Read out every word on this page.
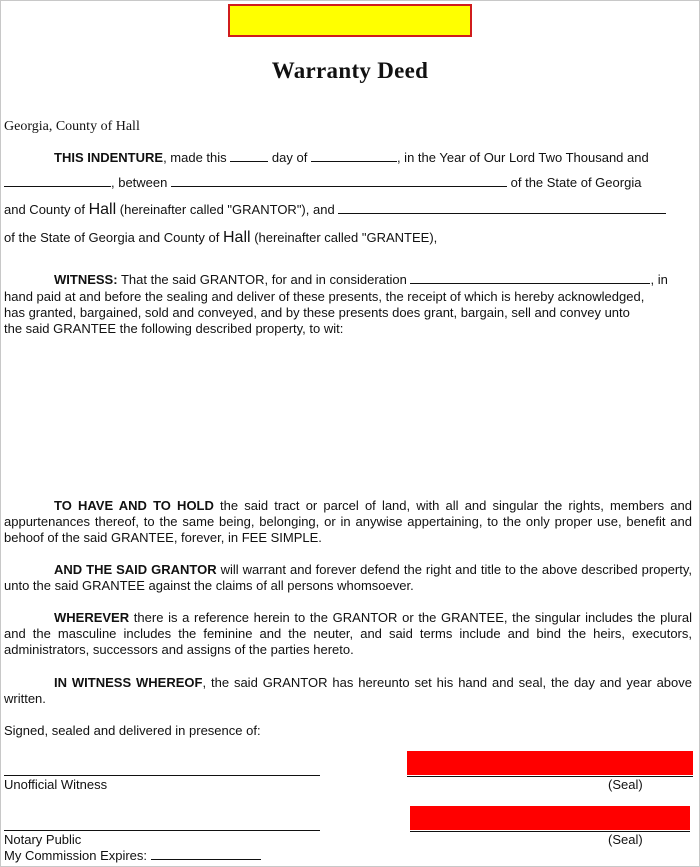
Warranty Deed
Georgia, County of Hall
THIS INDENTURE, made this	day of	, in the Year of Our Lord Two Thousand and
, between	of the State of Georgia
and County of Hall (hereinafter called "GRANTOR"), and
of the State of Georgia and County of Hall (hereinafter called "GRANTEE),
WITNESS: That the said GRANTOR, for and in consideration	, in
hand paid at and before the sealing and deliver of these presents, the receipt of which is hereby acknowledged,
has granted, bargained, sold and conveyed, and by these presents does grant, bargain, sell and convey unto
the said GRANTEE the following described property, to wit:
TO HAVE AND TO HOLD the said tract or parcel of land, with all and singular the rights, members and appurtenances thereof, to the same being, belonging, or in anywise appertaining, to the only proper use, benefit and behoof of the said GRANTEE, forever, in FEE SIMPLE.
AND THE SAID GRANTOR will warrant and forever defend the right and title to the above described property, unto the said GRANTEE against the claims of all persons whomsoever.
WHEREVER there is a reference herein to the GRANTOR or the GRANTEE, the singular includes the plural and the masculine includes the feminine and the neuter, and said terms include and bind the heirs, executors, administrators, successors and assigns of the parties hereto.
IN WITNESS WHEREOF, the said GRANTOR has hereunto set his hand and seal, the day and year above written.
Signed, sealed and delivered in presence of:
Unofficial Witness	(Seal)
Notary Public	(Seal)
My Commission Expires:
